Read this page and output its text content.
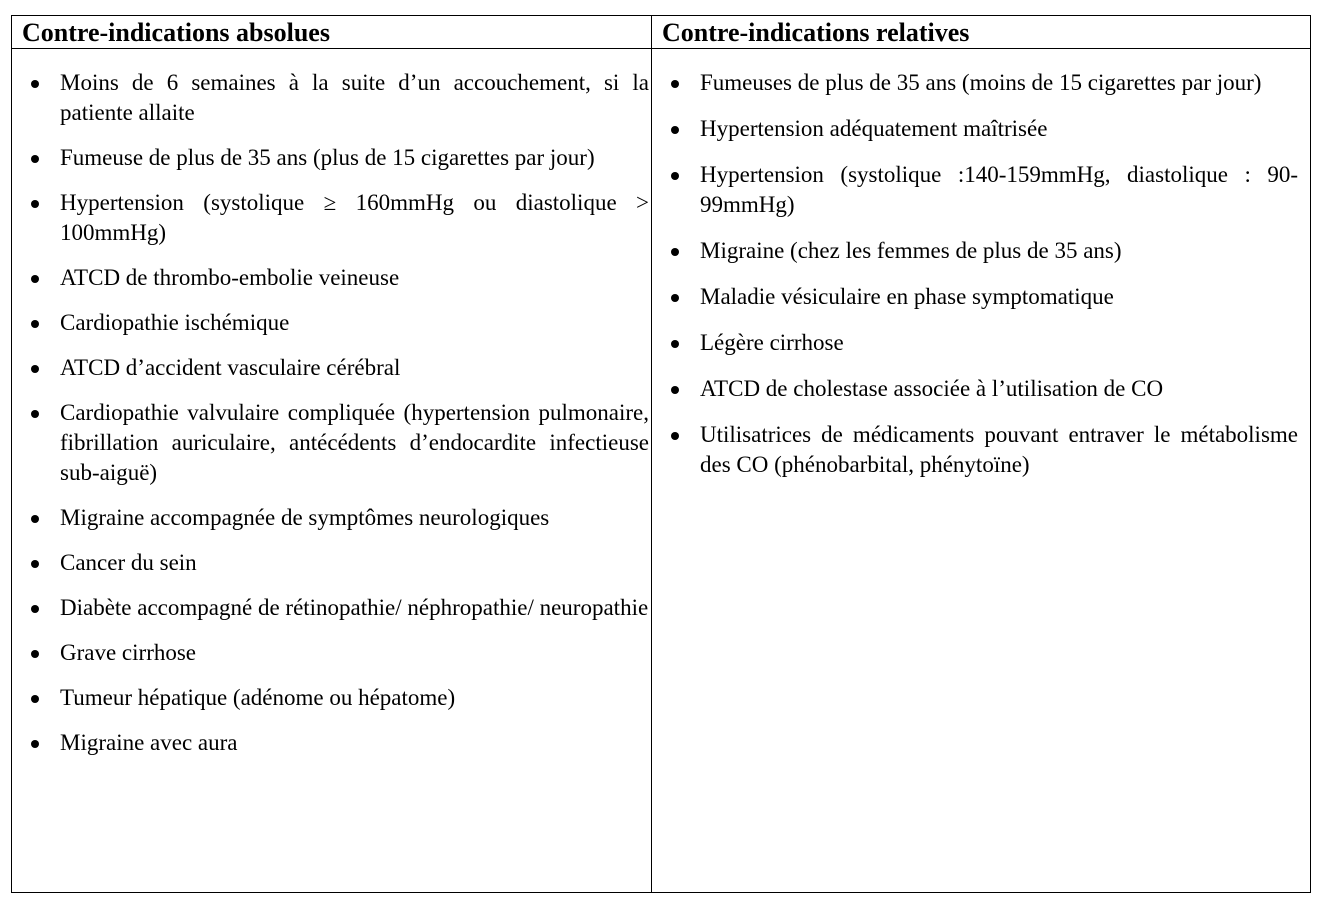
Contre-indications absolues	Contre-indications relatives
Moins de 6 semaines à la suite d’un accouchement, si la patiente allaite
Fumeuse de plus de 35 ans (plus de 15 cigarettes par jour)
Hypertension (systolique ≥ 160mmHg ou diastolique > 100mmHg)
ATCD de thrombo-embolie veineuse
Cardiopathie ischémique
ATCD d’accident vasculaire cérébral
Cardiopathie valvulaire compliquée (hypertension pulmonaire, fibrillation auriculaire, antécédents d’endocardite infectieuse sub-aiguë)
Migraine accompagnée de symptômes neurologiques
Cancer du sein
Diabète accompagné de rétinopathie/ néphropathie/ neuropathie
Grave cirrhose
Tumeur hépatique (adénome ou hépatome)
Migraine avec aura
Fumeuses de plus de 35 ans (moins de 15 cigarettes par jour)
Hypertension adéquatement maîtrisée
Hypertension (systolique :140-159mmHg, diastolique : 90-99mmHg)
Migraine (chez les femmes de plus de 35 ans)
Maladie vésiculaire en phase symptomatique
Légère cirrhose
ATCD de cholestase associée à l’utilisation de CO
Utilisatrices de médicaments pouvant entraver le métabolisme des CO (phénobarbital, phénytoïne)
